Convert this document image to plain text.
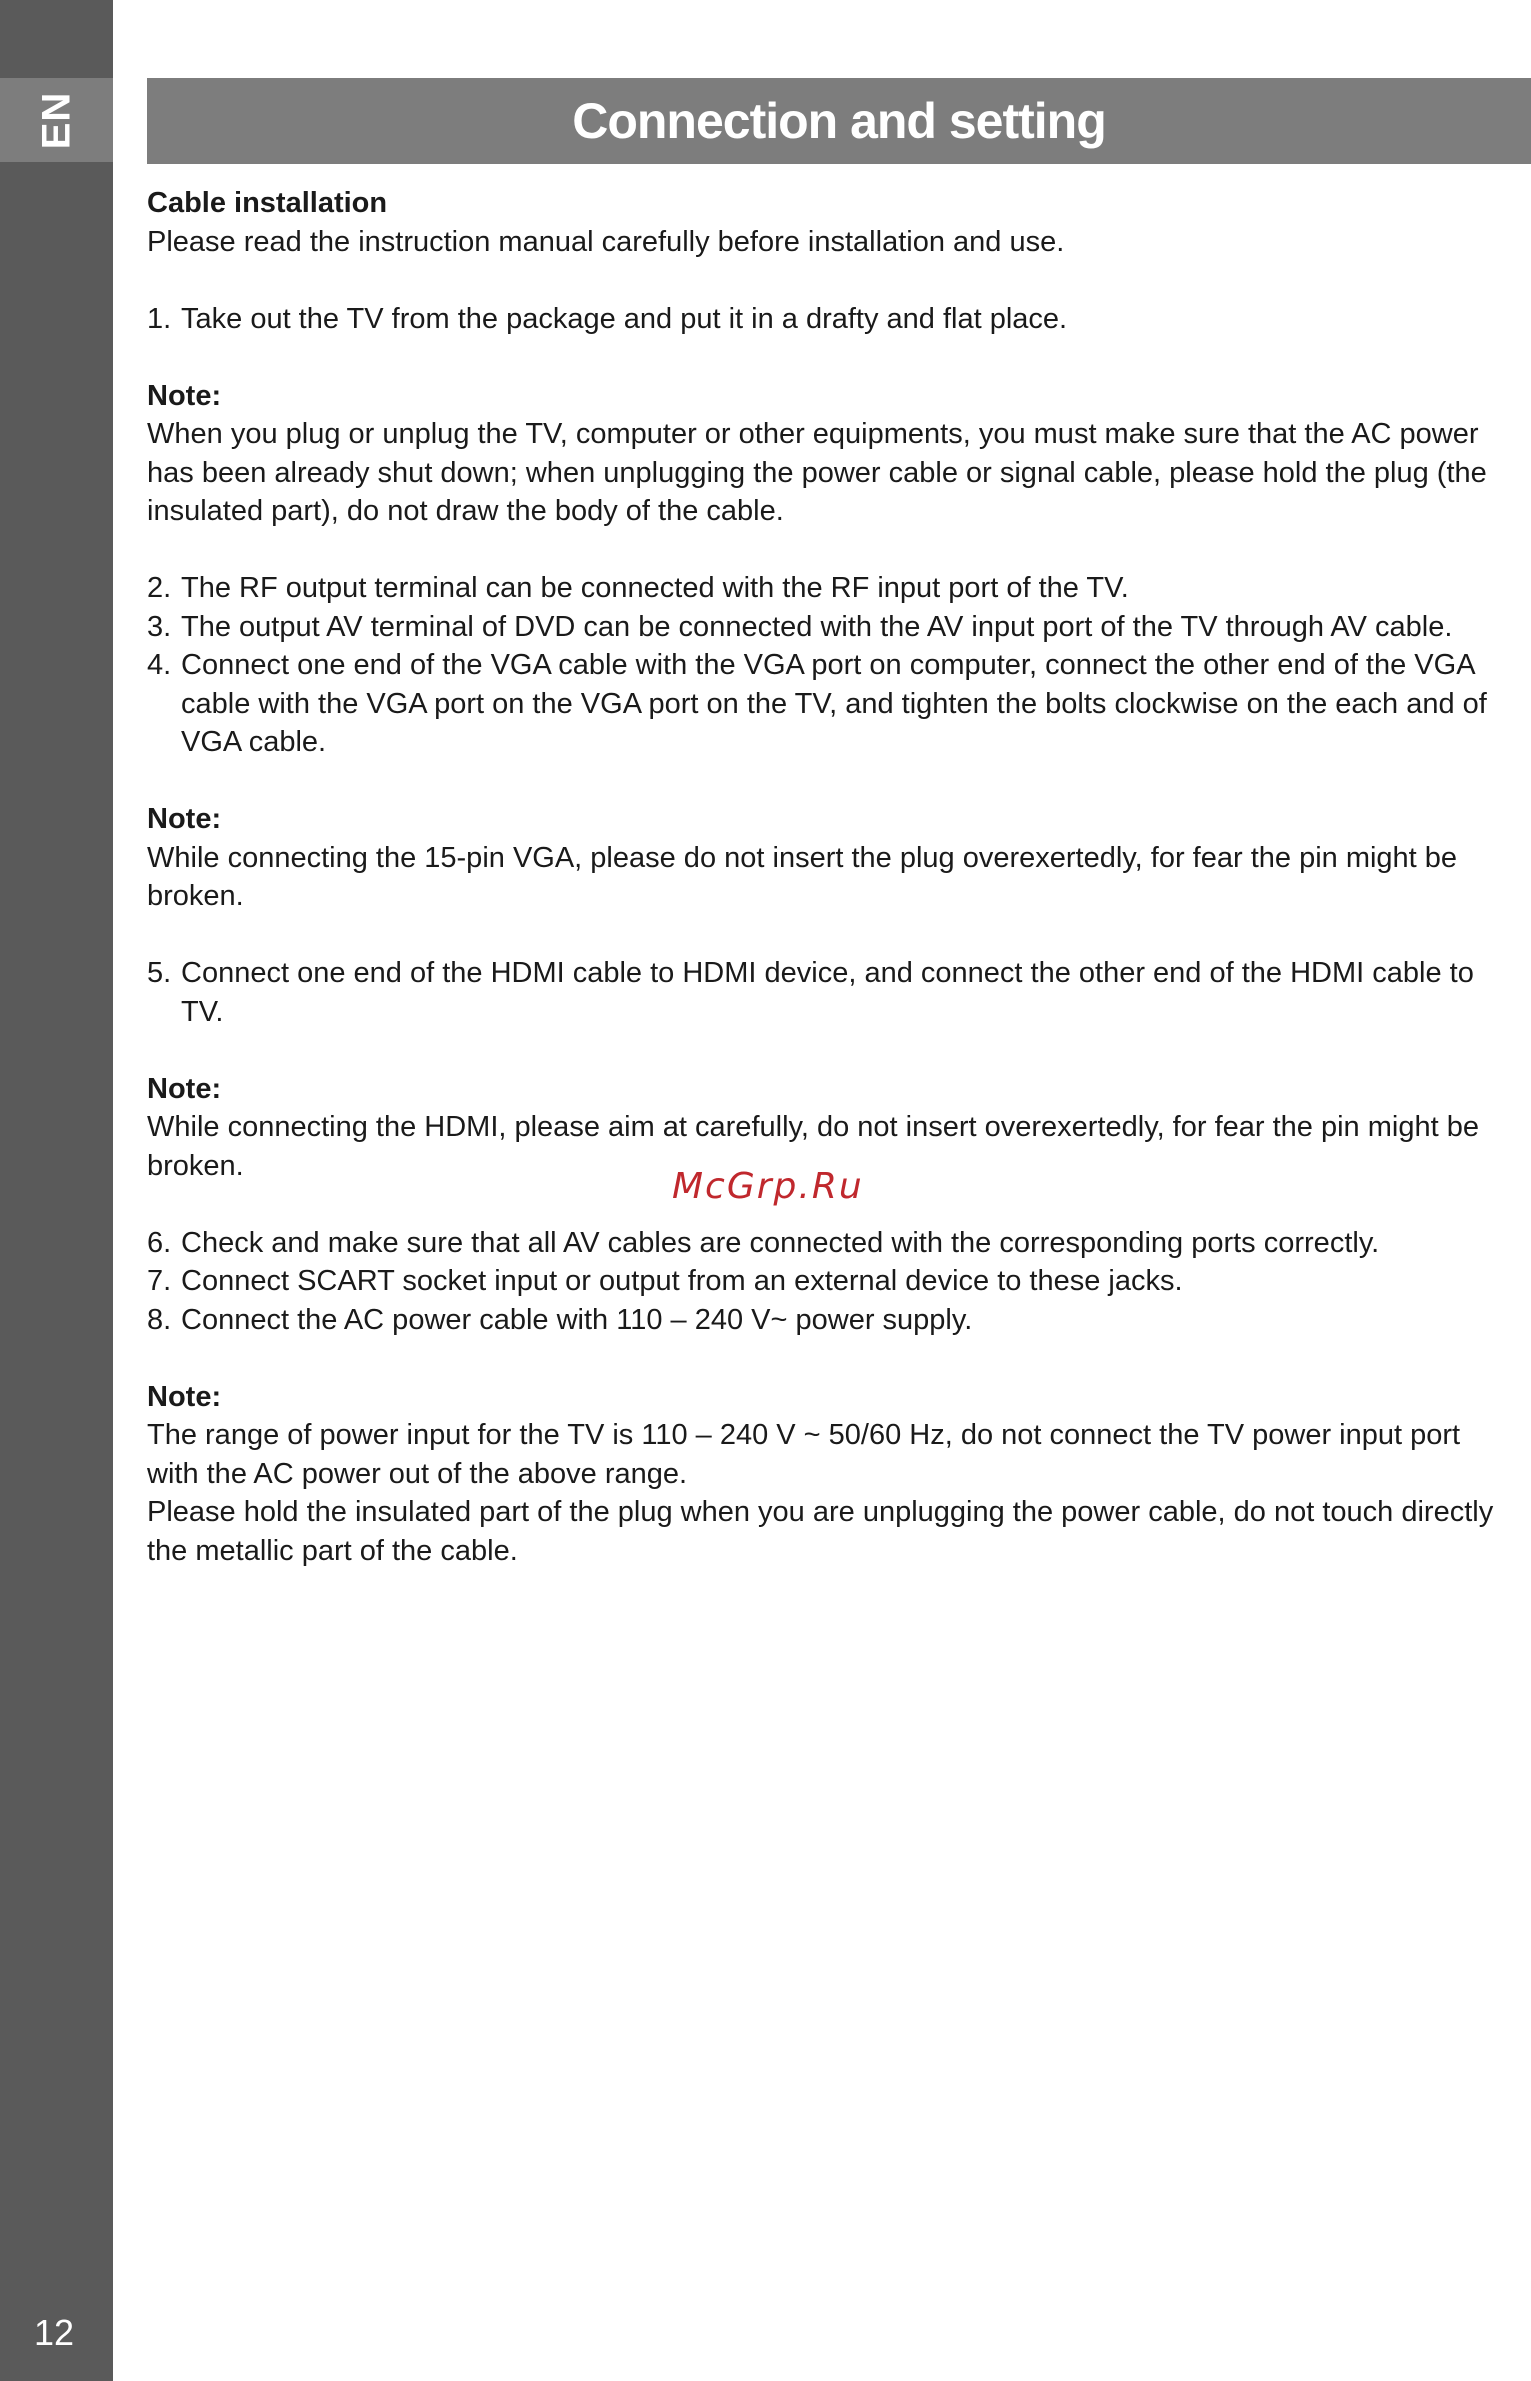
EN
12
Connection and setting

Cable installation

Please read the instruction manual carefully before installation and use.

1. Take out the TV from the package and put it in a drafty and flat place.

Note:

When you plug or unplug the TV, computer or other equipments, you must make sure that the AC power has been already shut down; when unplugging the power cable or signal cable, please hold the plug (the insulated part), do not draw the body of the cable.

2. The RF output terminal can be connected with the RF input port of the TV.
3. The output AV terminal of DVD can be connected with the AV input port of the TV through AV cable.
4. Connect one end of the VGA cable with the VGA port on computer, connect the other end of the VGA cable with the VGA port on the VGA port on the TV, and tighten the bolts clockwise on the each and of VGA cable.

Note:

While connecting the 15-pin VGA, please do not insert the plug overexertedly, for fear the pin might be broken.

5. Connect one end of the HDMI cable to HDMI device, and connect the other end of the HDMI cable to TV.

Note:

While connecting the HDMI, please aim at carefully, do not insert overexertedly, for fear the pin might be broken.

6. Check and make sure that all AV cables are connected with the corresponding ports correctly.
7. Connect SCART socket input or output from an external device to these jacks.
8. Connect the AC power cable with 110 – 240 V~ power supply.

Note:

The range of power input for the TV is 110 – 240 V ~ 50/60 Hz, do not connect the TV power input port with the AC power out of the above range.

Please hold the insulated part of the plug when you are unplugging the power cable, do not touch directly the metallic part of the cable.

McGrp.Ru
